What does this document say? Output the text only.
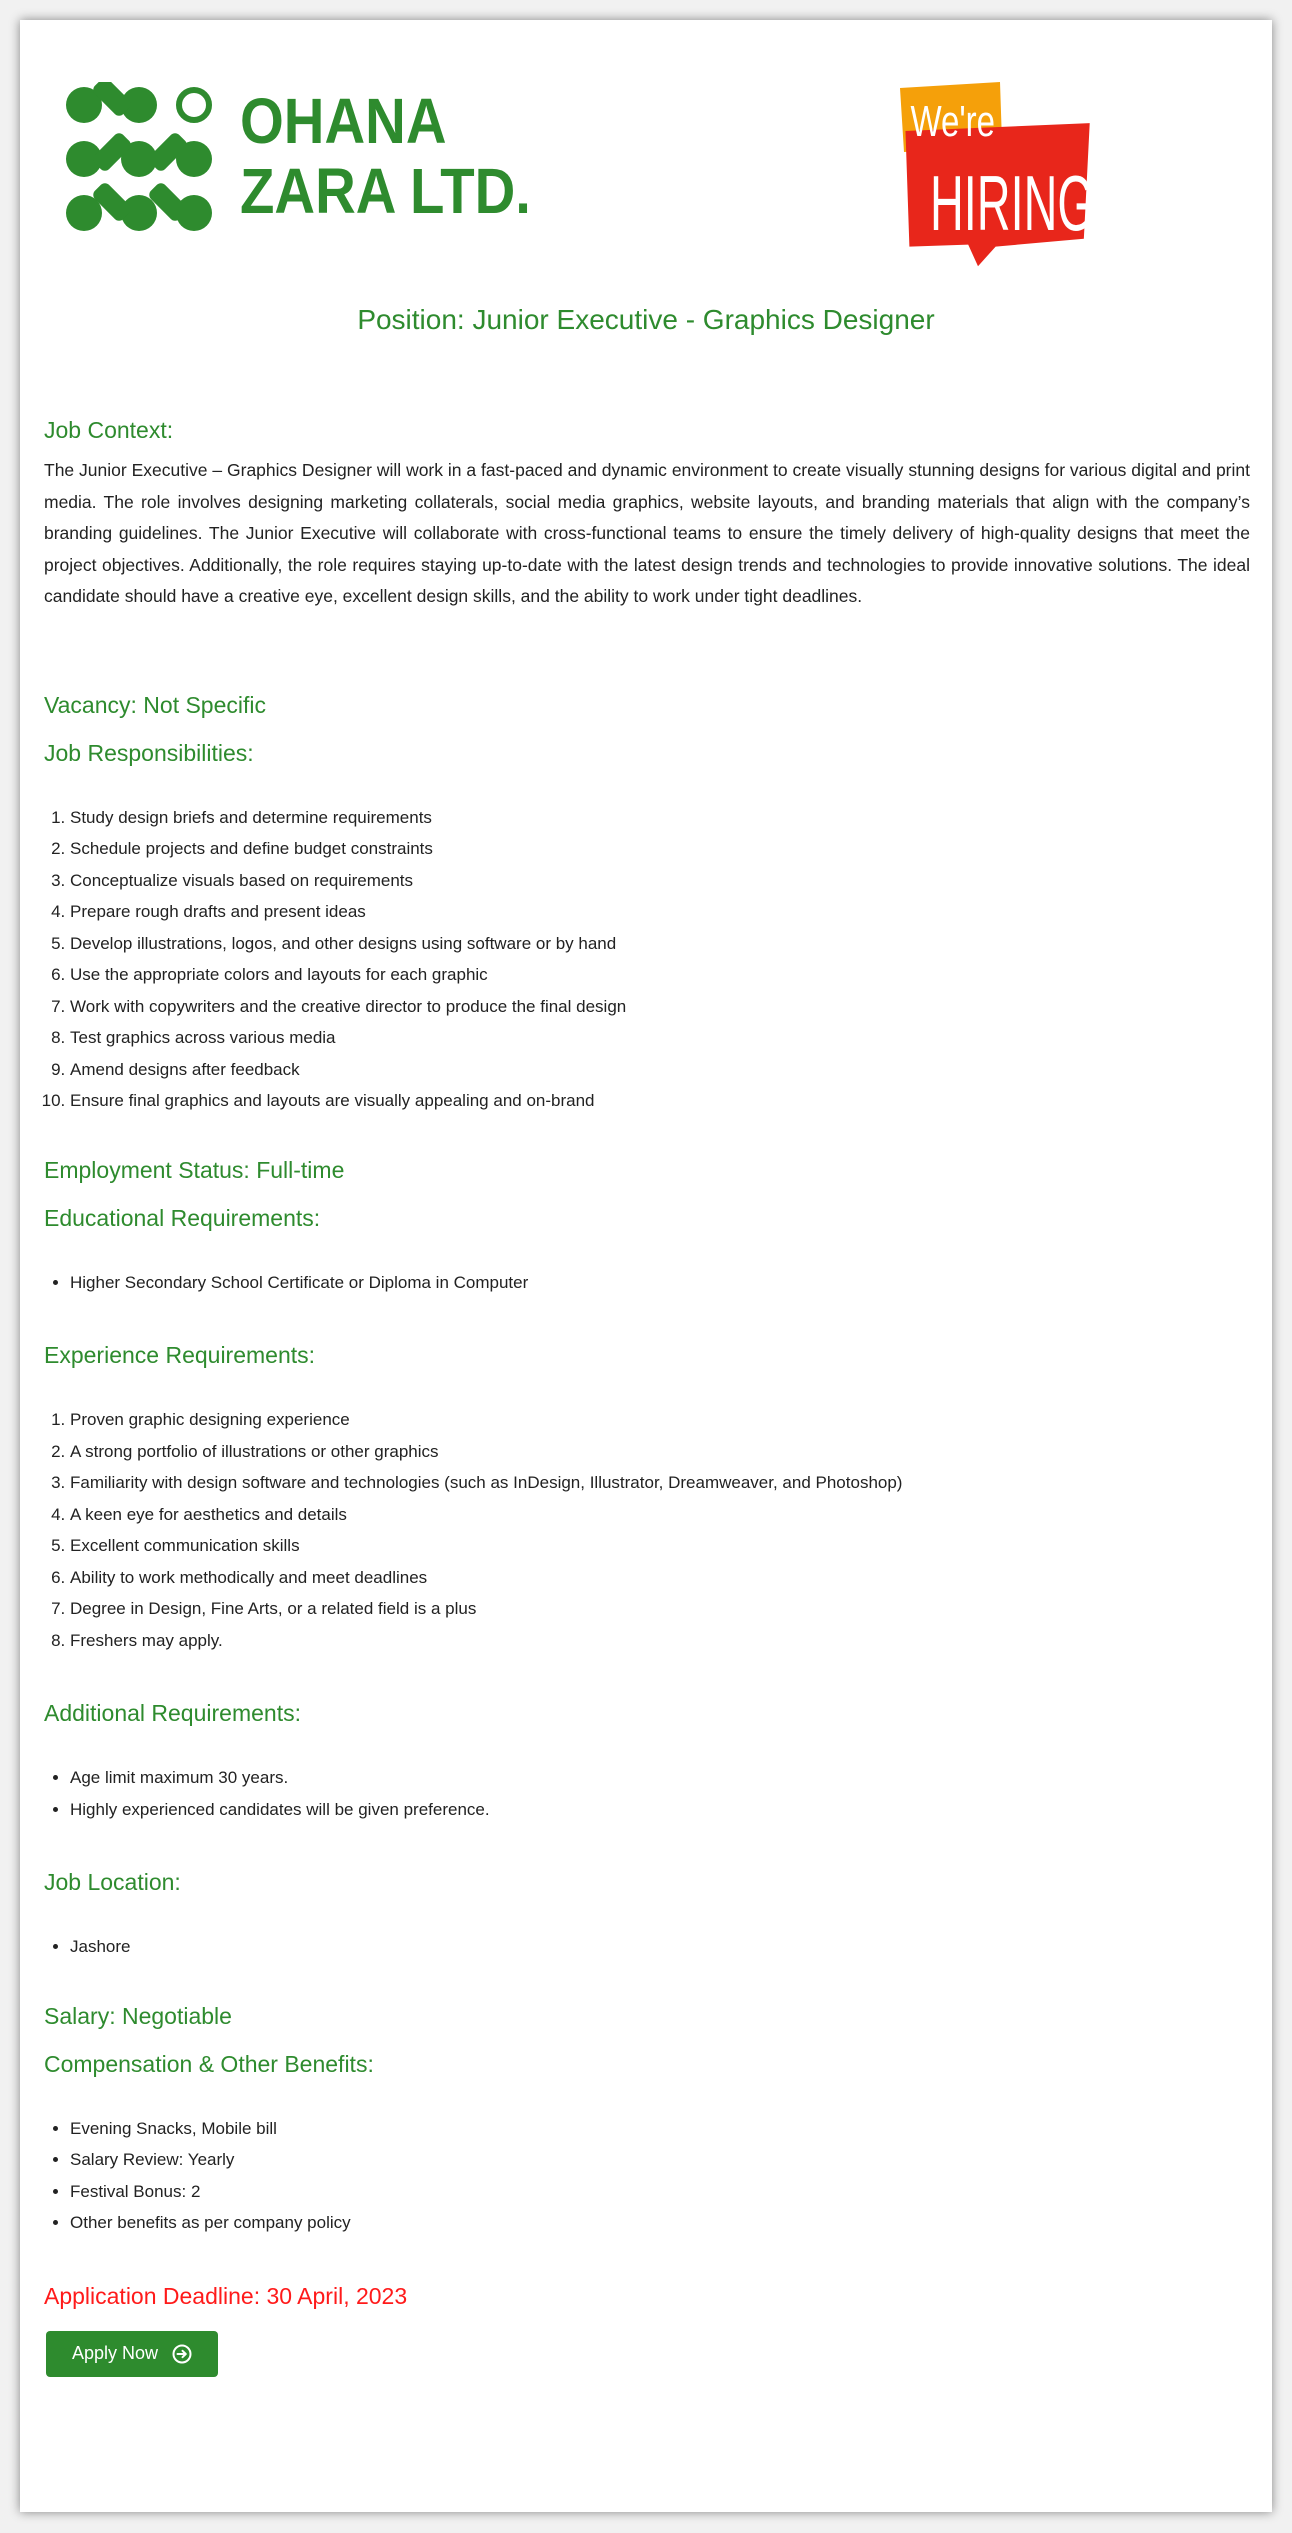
OHANA
ZARA LTD.
We're
HIRING
Position: Junior Executive - Graphics Designer
Job Context:

The Junior Executive – Graphics Designer will work in a fast-paced and dynamic environment to create visually stunning designs for various digital and print media. The role involves designing marketing collaterals, social media graphics, website layouts, and branding materials that align with the company’s branding guidelines. The Junior Executive will collaborate with cross-functional teams to ensure the timely delivery of high-quality designs that meet the project objectives. Additionally, the role requires staying up-to-date with the latest design trends and technologies to provide innovative solutions. The ideal candidate should have a creative eye, excellent design skills, and the ability to work under tight deadlines.

Vacancy: Not Specific
Job Responsibilities:
1. Study design briefs and determine requirements
2. Schedule projects and define budget constraints
3. Conceptualize visuals based on requirements
4. Prepare rough drafts and present ideas
5. Develop illustrations, logos, and other designs using software or by hand
6. Use the appropriate colors and layouts for each graphic
7. Work with copywriters and the creative director to produce the final design
8. Test graphics across various media
9. Amend designs after feedback
10. Ensure final graphics and layouts are visually appealing and on-brand
Employment Status: Full-time
Educational Requirements:
• Higher Secondary School Certificate or Diploma in Computer
Experience Requirements:
1. Proven graphic designing experience
2. A strong portfolio of illustrations or other graphics
3. Familiarity with design software and technologies (such as InDesign, Illustrator, Dreamweaver, and Photoshop)
4. A keen eye for aesthetics and details
5. Excellent communication skills
6. Ability to work methodically and meet deadlines
7. Degree in Design, Fine Arts, or a related field is a plus
8. Freshers may apply.
Additional Requirements:
• Age limit maximum 30 years.
• Highly experienced candidates will be given preference.
Job Location:
• Jashore
Salary: Negotiable
Compensation & Other Benefits:
• Evening Snacks, Mobile bill
• Salary Review: Yearly
• Festival Bonus: 2
• Other benefits as per company policy
Application Deadline: 30 April, 2023
Apply Now
